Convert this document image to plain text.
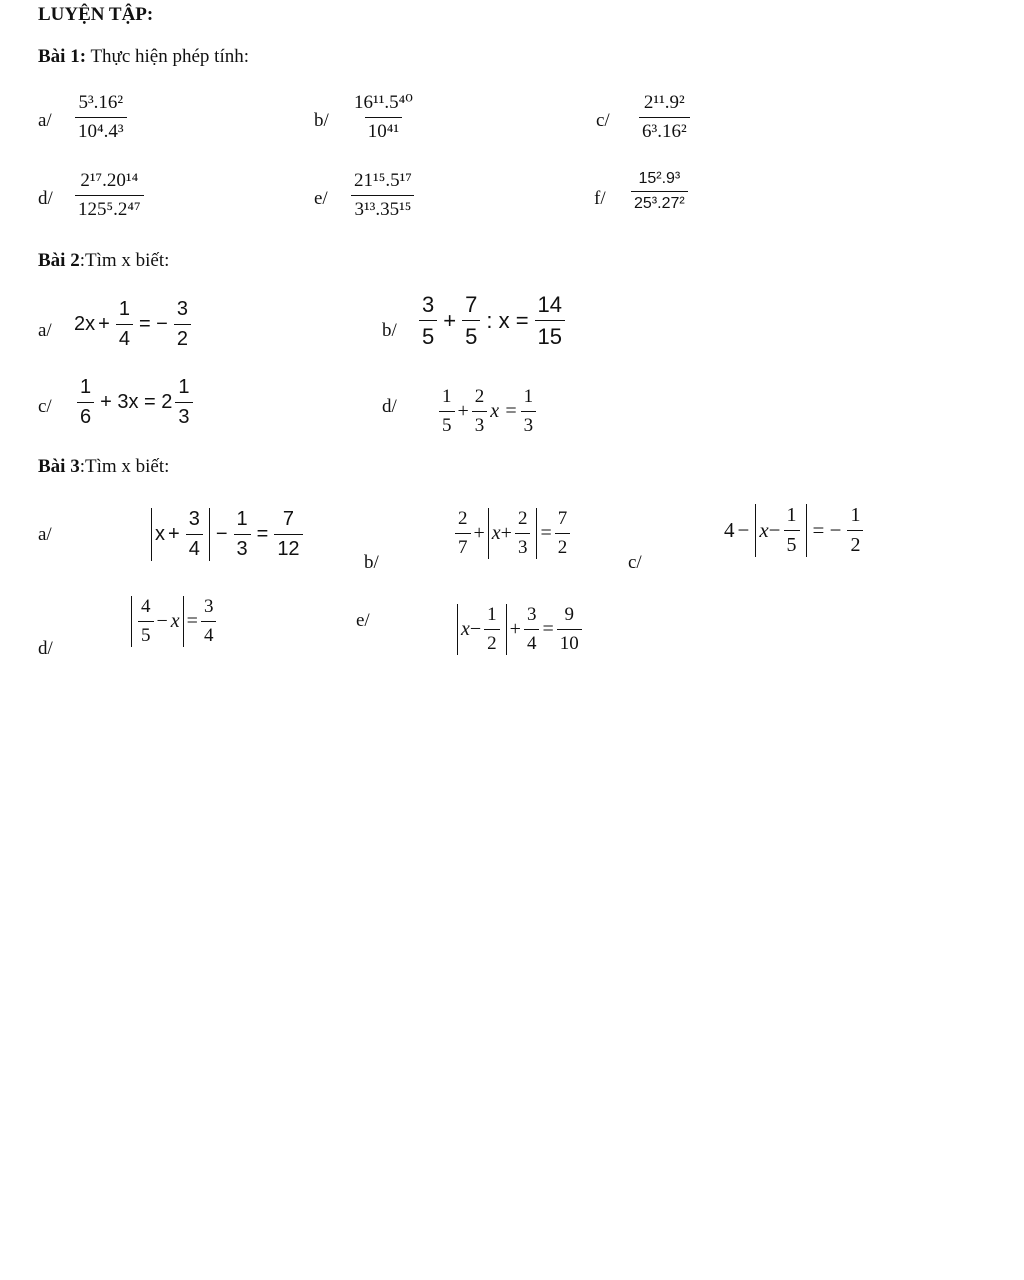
LUYỆN TẬP:
Bài 1: Thực hiện phép tính:
$a/ \frac{\text{5³.16²}}{\text{10⁴.4³}}$	$b/ \frac{\text{16¹¹.5⁴⁰}}{\text{10⁴¹}}$	$c/ \frac{\text{2¹¹.9²}}{\text{6³.16²}}$
$d/ \frac{\text{2¹⁷.20¹⁴}}{\text{125⁵.2⁴⁷}}$	$e/ \frac{\text{21¹⁵.5¹⁷}}{\text{3¹³.35¹⁵}}$	$f/ \frac{\text{15².9³}}{\text{25³.27²}}$
Bài 2:Tìm x biết:
a/ $2x + \frac{1}{4}$ = − $\frac{3}{2}$	$b/ \frac{3}{5} + \frac{7}{5}$ : $x = \frac{14}{15}$
$c/ \frac{1}{6} + 3x = 2 \frac{1}{3}$	$d/ \frac{1}{5} + \frac{2}{3}$ $x = \frac{1}{3}$
Bài 3:Tìm x biết:
a/	$x + \frac{3}{4} - \frac{1}{3} = \frac{7}{12}$
b/
$\frac{2}{7} + x + \frac{2}{3} = \frac{7}{2}$
c/
$4 - x - \frac{1}{5}$ = − $\frac{1}{2}$
d/
$\frac{4}{5} - x = \frac{3}{4}$	e/	$x - \frac{1}{2} + \frac{3}{4} = \frac{9}{10}$
